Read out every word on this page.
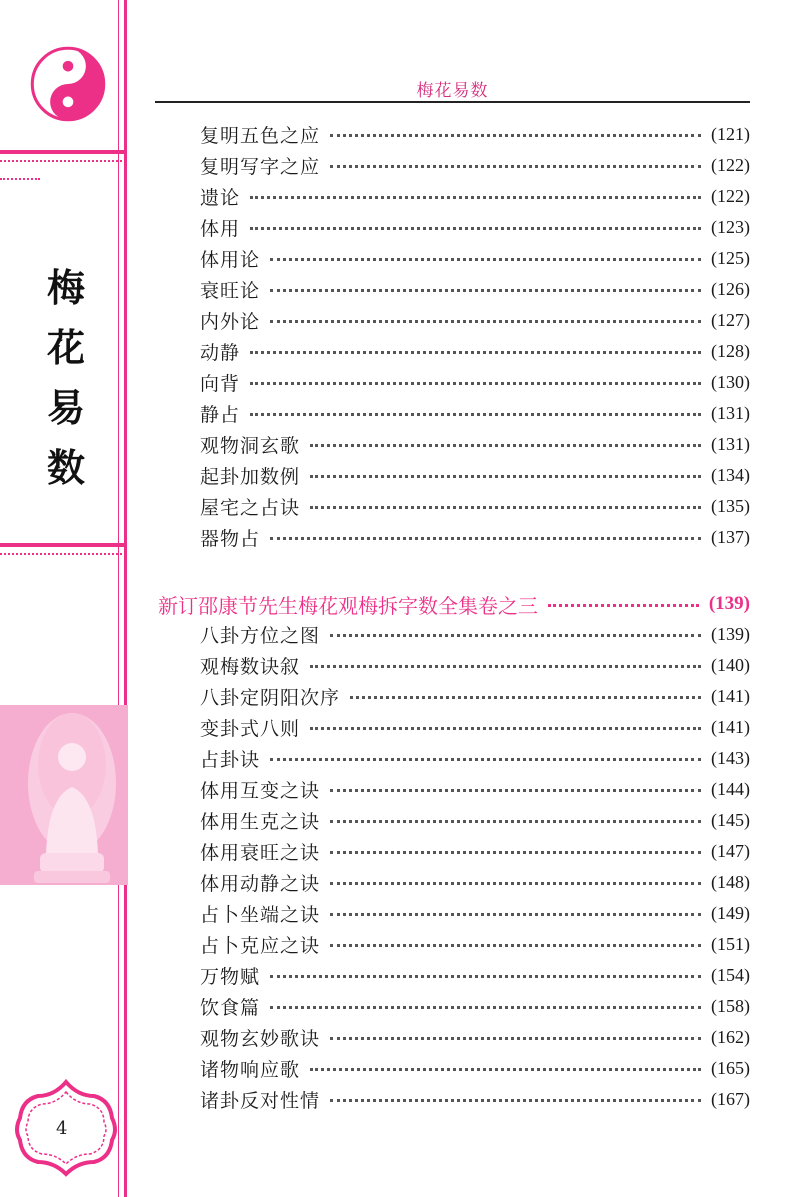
梅
花
易
数
4
梅花易数
复明五色之应	(121)
复明写字之应	(122)
遗论	(122)
体用	(123)
体用论	(125)
衰旺论	(126)
内外论	(127)
动静	(128)
向背	(130)
静占	(131)
观物洞玄歌	(131)
起卦加数例	(134)
屋宅之占诀	(135)
器物占	(137)
新订邵康节先生梅花观梅拆字数全集卷之三	(139)
八卦方位之图	(139)
观梅数诀叙	(140)
八卦定阴阳次序	(141)
变卦式八则	(141)
占卦诀	(143)
体用互变之诀	(144)
体用生克之诀	(145)
体用衰旺之诀	(147)
体用动静之诀	(148)
占卜坐端之诀	(149)
占卜克应之诀	(151)
万物赋	(154)
饮食篇	(158)
观物玄妙歌诀	(162)
诸物响应歌	(165)
诸卦反对性情	(167)
